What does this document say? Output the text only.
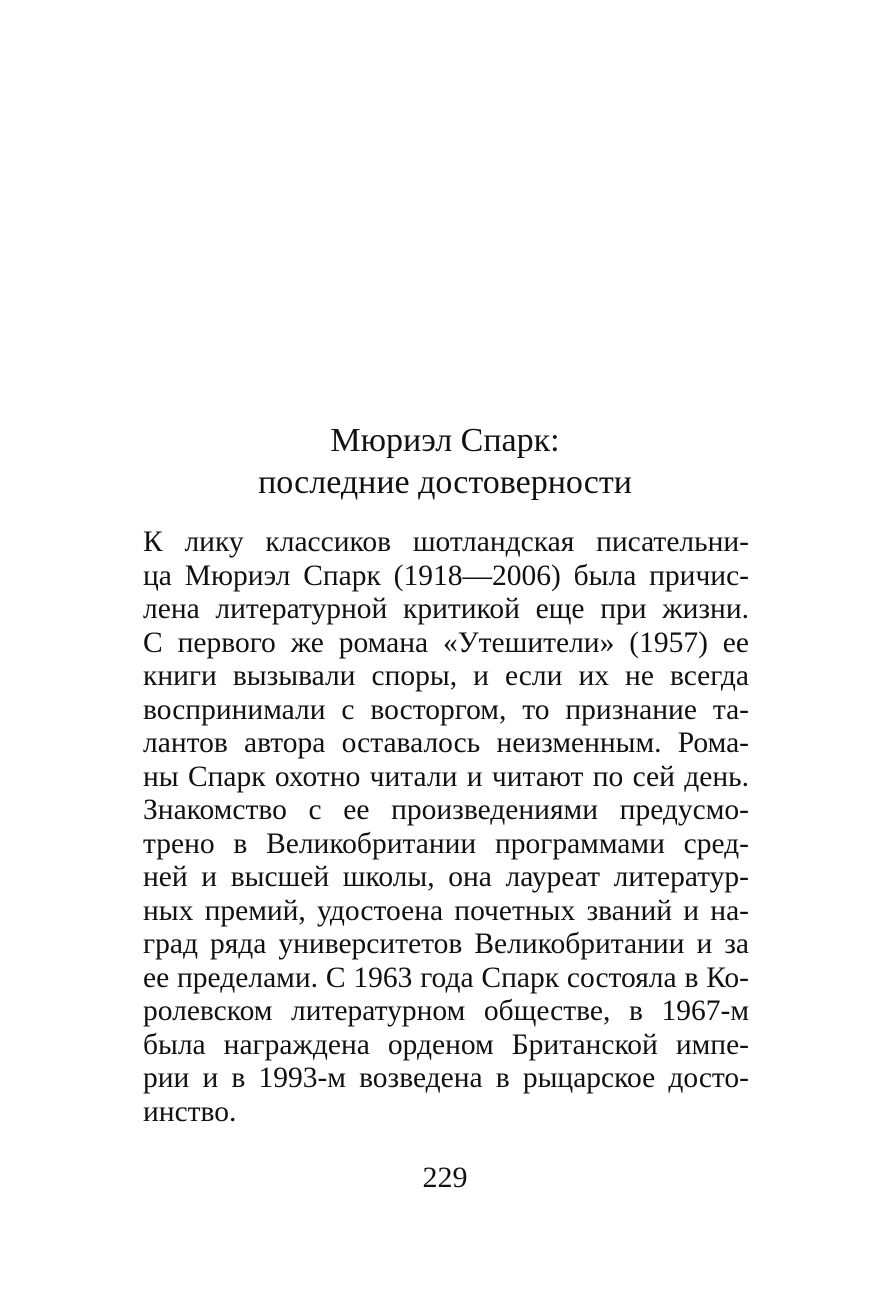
Мюриэл Спарк:
последние достоверности
К лику классиков шотландская писательни-
ца Мюриэл Спарк (1918—2006) была причис-
лена литературной критикой еще при жизни.
С первого же романа «Утешители» (1957) ее
книги вызывали споры, и если их не всегда
воспринимали с восторгом, то признание та-
лантов автора оставалось неизменным. Рома-
ны Спарк охотно читали и читают по сей день.
Знакомство с ее произведениями предусмо-
трено в Великобритании программами сред-
ней и высшей школы, она лауреат литератур-
ных премий, удостоена почетных званий и на-
град ряда университетов Великобритании и за
ее пределами. С 1963 года Спарк состояла в Ко-
ролевском литературном обществе, в 1967-м
была награждена орденом Британской импе-
рии и в 1993-м возведена в рыцарское досто-
инство.
229
